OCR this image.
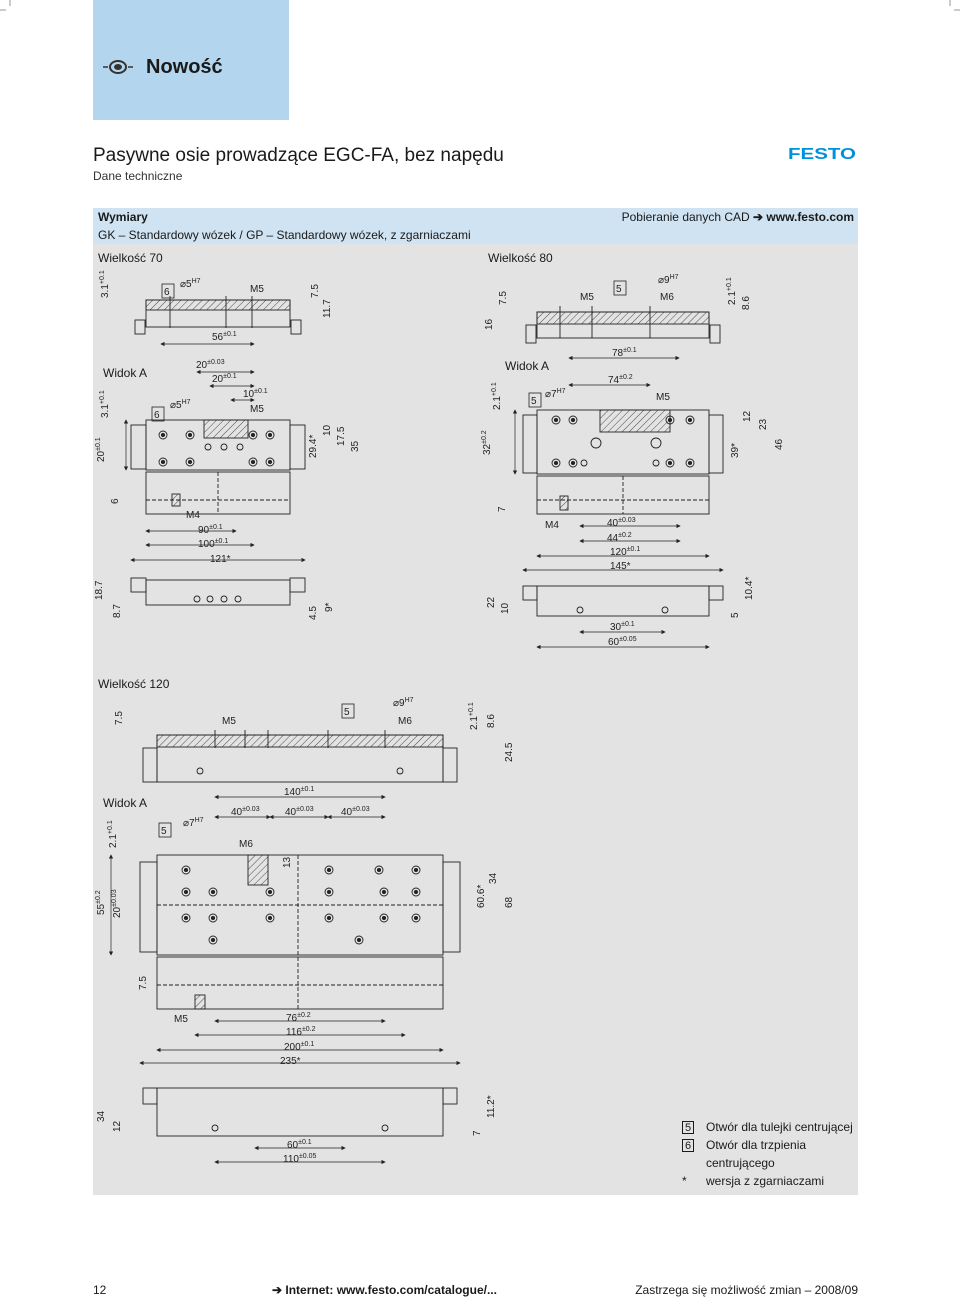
Nowość
Pasywne osie prowadzące EGC-FA, bez napędu
Dane techniczne
FESTO
Wymiary
GK – Standardowy wózek / GP – Standardowy wózek, z zgarniaczami
Pobieranie danych CAD ➔ www.festo.com
Wielkość 70	Wielkość 80
Wielkość 120
Widok A	Widok A
Widok A
$3.1^{+0.1}$
6
$⌀5^{H7}$
M5	7.5
11.7
$56^{\pm 0.1}$
$20^{\pm 0.03}$
$20^{\pm 0.1}$
$10^{\pm 0.1}$
$3.1^{+0.1}$
6
$⌀5^{H7}$
M5
$20^{\pm 0.1}$	29.4*
10 17.5
35
6
M4
$90^{\pm 0.1}$
$100^{\pm 0.1}$
121*
18.7
8.7	4.5 9*
16
7.5	M5
5
$⌀9^{H7}$
M6	$2.1^{+0.1}$
8.6
$78^{\pm 0.1}$
$74^{\pm 0.2}$
$2.1^{+0.1}$
5
$⌀7^{H7}$
M5
$32^{\pm 0.2}$
39*
12
23
46
7
M4	$40^{\pm 0.03}$
$44^{\pm 0.2}$
$120^{\pm 0.1}$
145*
22
10
$30^{\pm 0.1}$
$60^{\pm 0.05}$
5
10.4*
7.5	M5
5
$⌀9^{H7}$
M6	$2.1^{+0.1}$
8.6
24.5
$140^{\pm 0.1}$
$40^{\pm 0.03}$	$40^{\pm 0.03}$	$40^{\pm 0.03}$
$2.1^{+0.1}$	5
$⌀7^{H7}$
M6
13
$55^{\pm 0.2}$
$20^{\pm 0.03}$	60.6*
34
68
7.5
M5	$76^{\pm 0.2}$
$116^{\pm 0.2}$
$200^{\pm 0.1}$
235*
34
12
$60^{\pm 0.1}$
$110^{\pm 0.05}$
7
11.2*
5	Otwór dla tulejki centrującej
6	Otwór dla trzpienia centrującego
*	wersja z zgarniaczami
12	➔ Internet: www.festo.com/catalogue/...	Zastrzega się możliwość zmian – 2008/09
